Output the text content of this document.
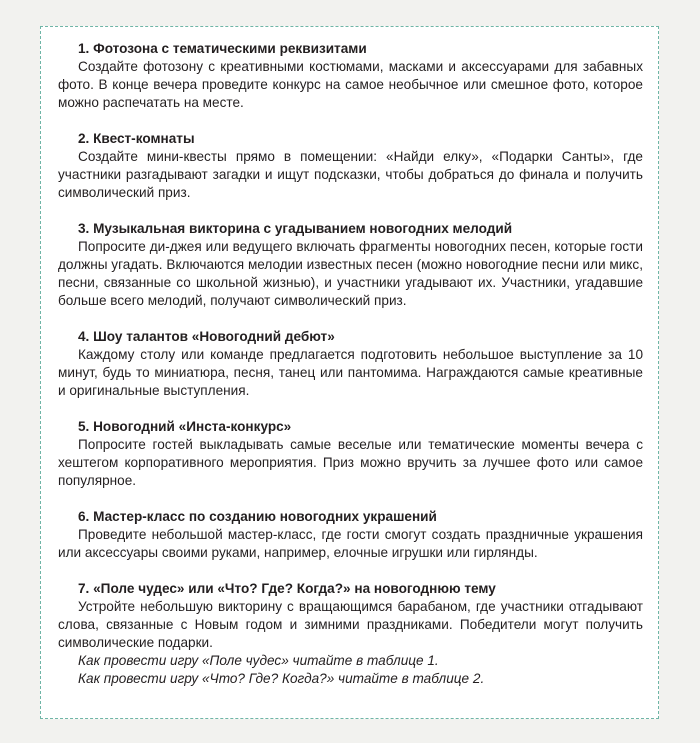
1. Фотозона с тематическими реквизитами
Создайте фотозону с креативными костюмами, масками и аксессуарами для забавных фото. В конце вечера проведите конкурс на самое необычное или смешное фото, которое можно распечатать на месте.
2. Квест-комнаты
Создайте мини-квесты прямо в помещении: «Найди елку», «Подарки Санты», где участники разгадывают загадки и ищут подсказки, чтобы добраться до финала и получить символический приз.
3. Музыкальная викторина с угадыванием новогодних мелодий
Попросите ди-джея или ведущего включать фрагменты новогодних песен, которые гости должны угадать. Включаются мелодии известных песен (можно новогодние песни или микс, песни, связанные со школьной жизнью), и участники угадывают их. Участники, угадавшие больше всего мелодий, получают символический приз.
4. Шоу талантов «Новогодний дебют»
Каждому столу или команде предлагается подготовить небольшое выступление за 10 минут, будь то миниатюра, песня, танец или пантомима. Награждаются самые креативные и оригинальные выступления.
5. Новогодний «Инста-конкурс»
Попросите гостей выкладывать самые веселые или тематические моменты вечера с хештегом корпоративного мероприятия. Приз можно вручить за лучшее фото или самое популярное.
6. Мастер-класс по созданию новогодних украшений
Проведите небольшой мастер-класс, где гости смогут создать праздничные украшения или аксессуары своими руками, например, елочные игрушки или гирлянды.
7. «Поле чудес» или «Что? Где? Когда?» на новогоднюю тему
Устройте небольшую викторину с вращающимся барабаном, где участники отгадывают слова, связанные с Новым годом и зимними праздниками. Победители могут получить символические подарки.
Как провести игру «Поле чудес» читайте в таблице 1.
Как провести игру «Что? Где? Когда?» читайте в таблице 2.
